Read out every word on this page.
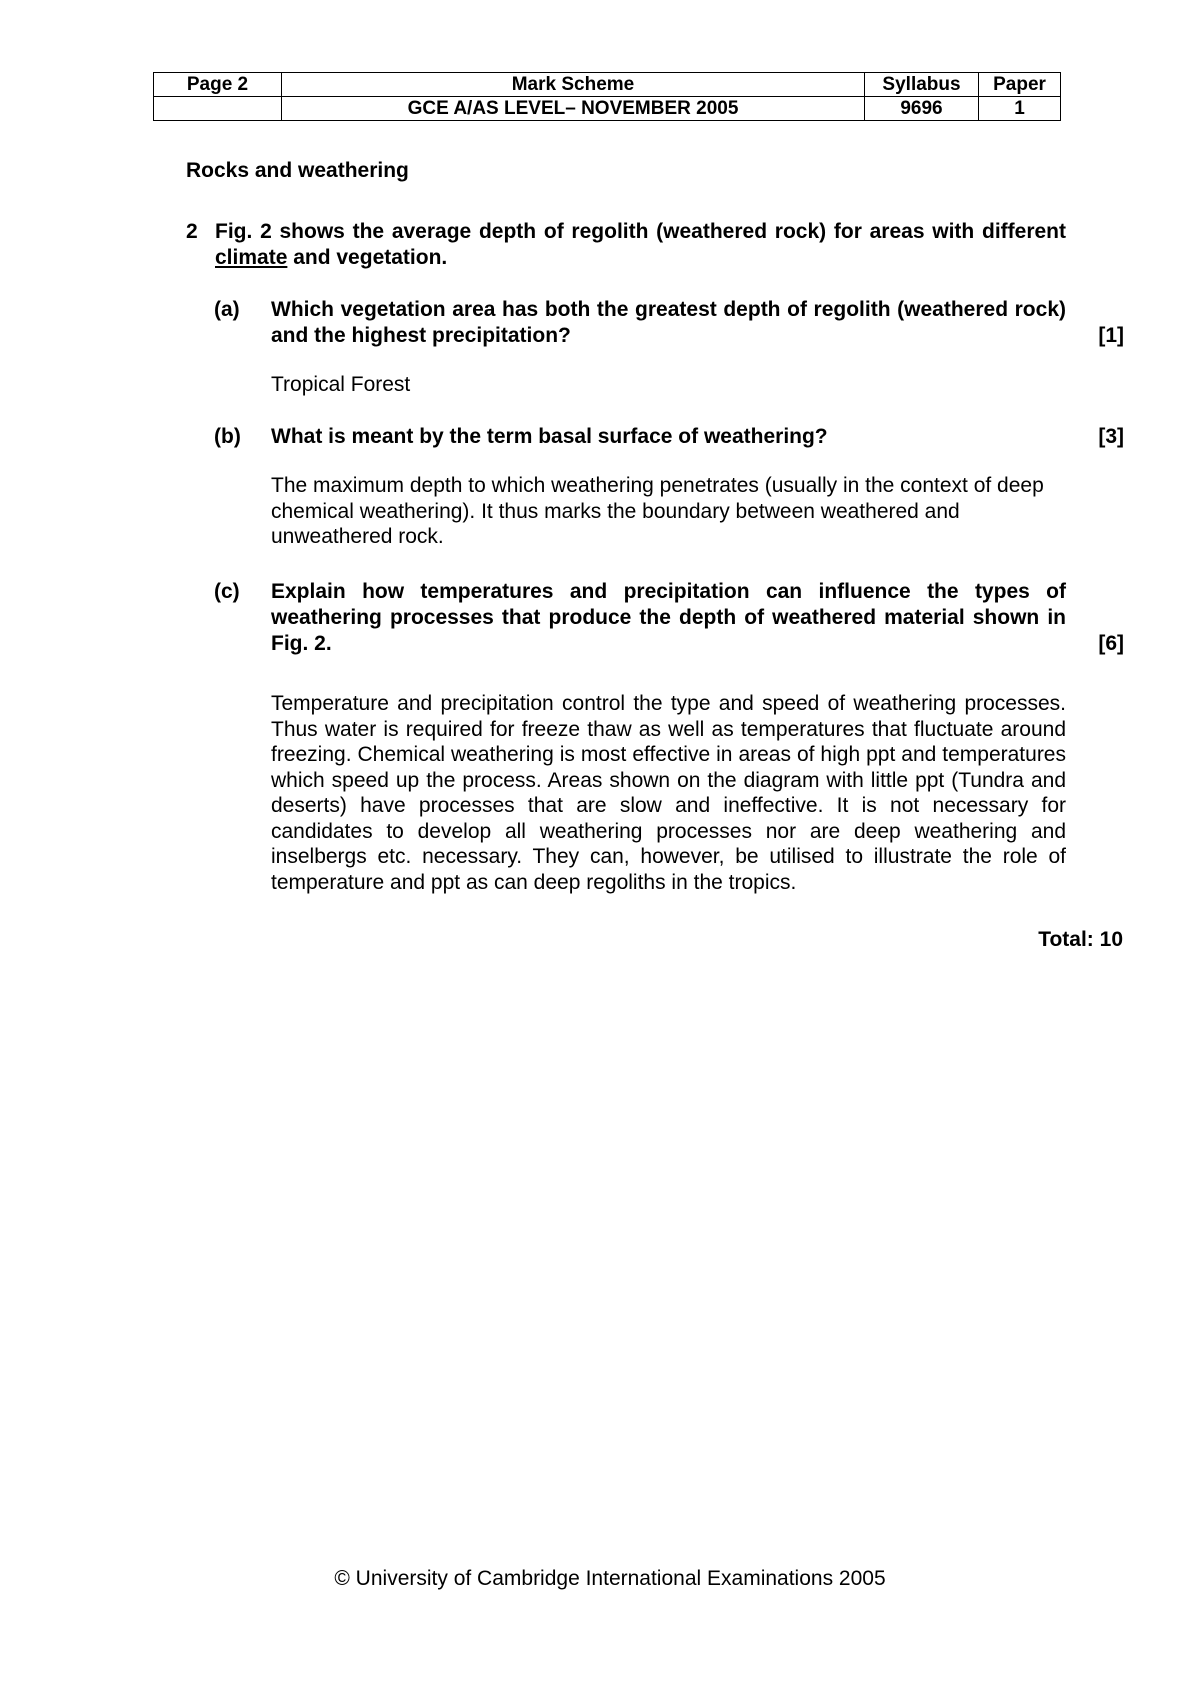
Page 2	Mark Scheme	Syllabus	Paper
	GCE A/AS LEVEL– NOVEMBER 2005	9696	1
Rocks and weathering
2 Fig. 2 shows the average depth of regolith (weathered rock) for areas with different climate and vegetation.
(a) Which vegetation area has both the greatest depth of regolith (weathered rock) and the highest precipitation?	[1]
Tropical Forest
(b) What is meant by the term basal surface of weathering?	[3]
The maximum depth to which weathering penetrates (usually in the context of deep chemical weathering). It thus marks the boundary between weathered and unweathered rock.
(c) Explain how temperatures and precipitation can influence the types of weathering processes that produce the depth of weathered material shown in Fig. 2.	[6]
Temperature and precipitation control the type and speed of weathering processes. Thus water is required for freeze thaw as well as temperatures that fluctuate around freezing. Chemical weathering is most effective in areas of high ppt and temperatures which speed up the process. Areas shown on the diagram with little ppt (Tundra and deserts) have processes that are slow and ineffective. It is not necessary for candidates to develop all weathering processes nor are deep weathering and inselbergs etc. necessary. They can, however, be utilised to illustrate the role of temperature and ppt as can deep regoliths in the tropics.
Total: 10
© University of Cambridge International Examinations 2005
